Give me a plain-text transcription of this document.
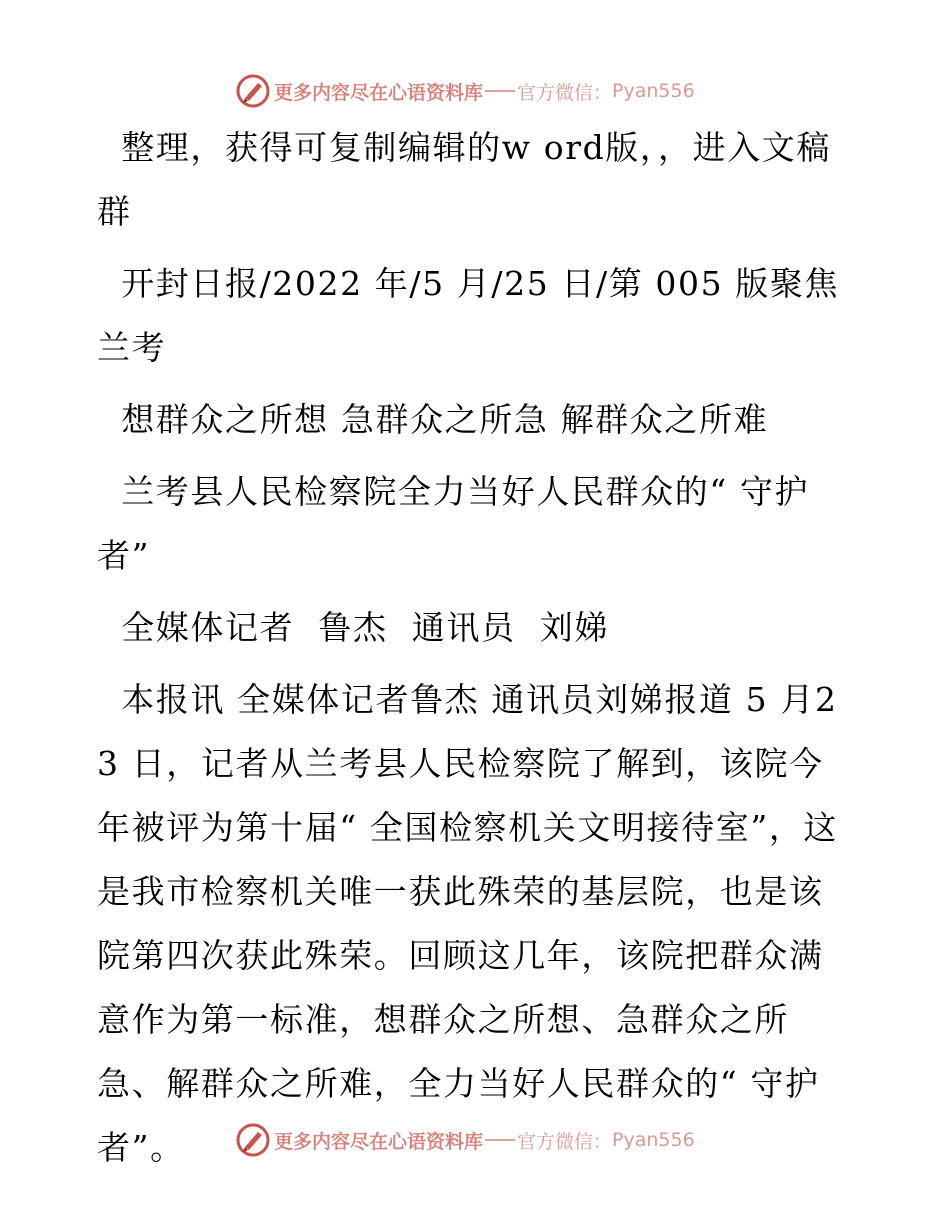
更多内容尽在心语资料库 官方微信： Pyan556

整理，获得可复制编辑的w ord版，，进入文稿群

开封日报/2022 年/5 月/25 日/第 005 版聚焦兰考

想群众之所想 急群众之所急 解群众之所难

兰考县人民检察院全力当好人民群众的“ 守护者”

全媒体记者  鲁杰  通讯员  刘娣

本报讯 全媒体记者鲁杰 通讯员刘娣报道 5 月23 日，记者从兰考县人民检察院了解到，该院今年被评为第十届“ 全国检察机关文明接待室”，这是我市检察机关唯一获此殊荣的基层院，也是该院第四次获此殊荣。回顾这几年，该院把群众满意作为第一标准，想群众之所想、急群众之所急、解群众之所难，全力当好人民群众的“ 守护者”。	更多内容尽在心语资料库 官方微信： Pyan556
